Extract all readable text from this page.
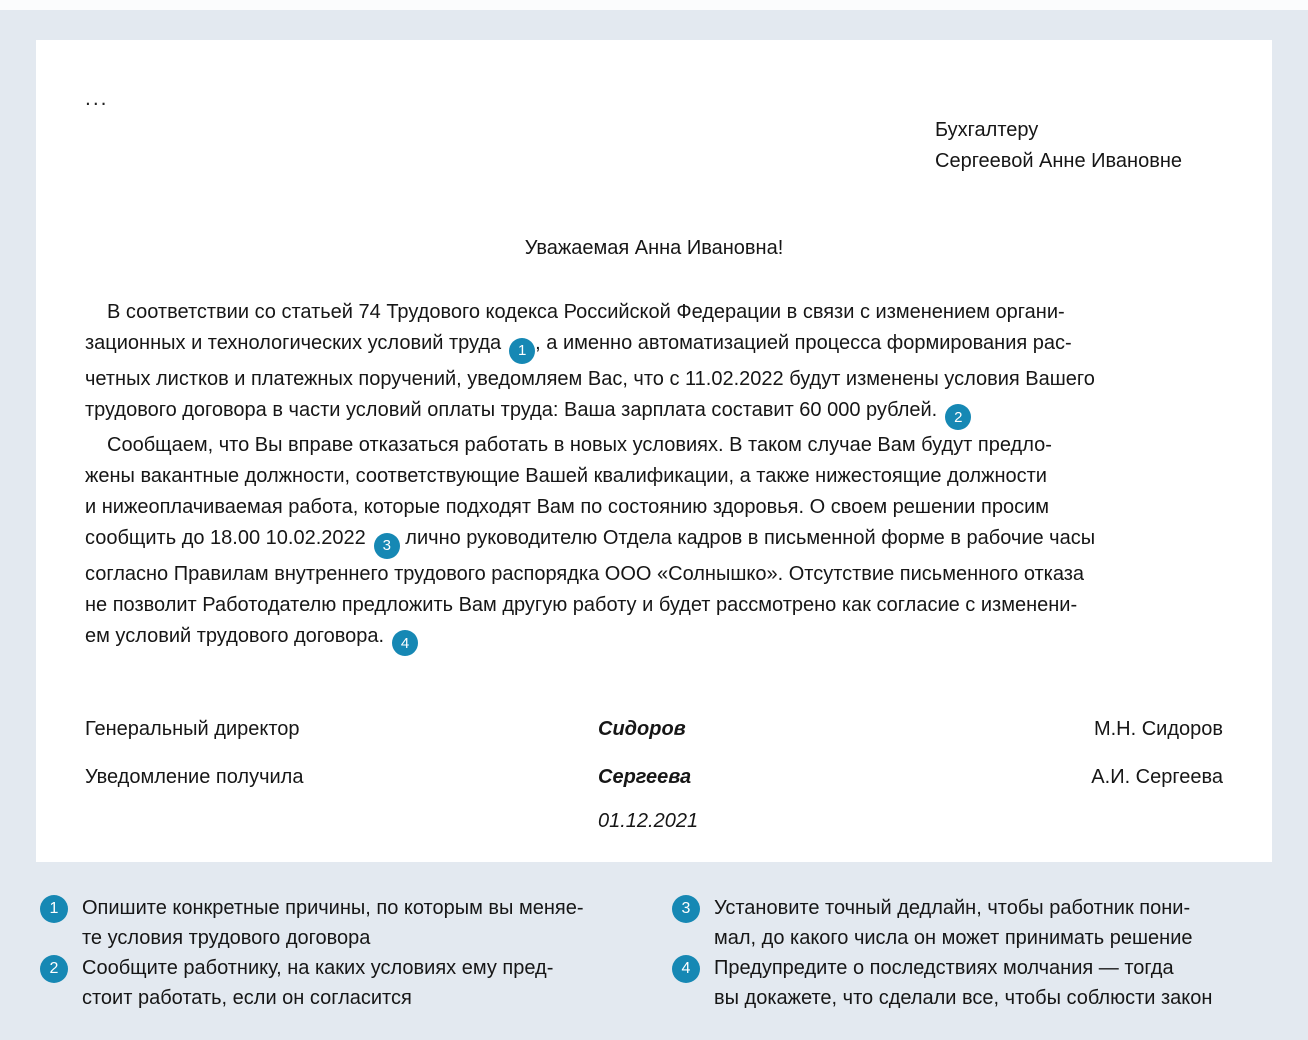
...
Бухгалтеру
Сергеевой Анне Ивановне
Уважаемая Анна Ивановна!
В соответствии со статьей 74 Трудового кодекса Российской Федерации в связи с изменением органи-
зационных и технологических условий труда 1 , а именно автоматизацией процесса формирования рас-
четных листков и платежных поручений, уведомляем Вас, что с 11.02.2022 будут изменены условия Вашего
трудового договора в части условий оплаты труда: Ваша зарплата составит 60 000 рублей. 2
Сообщаем, что Вы вправе отказаться работать в новых условиях. В таком случае Вам будут предло-
жены вакантные должности, соответствующие Вашей квалификации, а также нижестоящие должности
и нижеоплачиваемая работа, которые подходят Вам по состоянию здоровья. О своем решении просим
сообщить до 18.00 10.02.2022 3 лично руководителю Отдела кадров в письменной форме в рабочие часы
согласно Правилам внутреннего трудового распорядка ООО «Солнышко». Отсутствие письменного отказа
не позволит Работодателю предложить Вам другую работу и будет рассмотрено как согласие с изменени-
ем условий трудового договора. 4
Генеральный директор	Сидоров	М.Н. Сидоров
Уведомление получила	Сергеева	А.И. Сергеева
01.12.2021
1	Опишите конкретные причины, по которым вы меняе-
те условия трудового договора
2	Сообщите работнику, на каких условиях ему пред-
стоит работать, если он согласится
3	Установите точный дедлайн, чтобы работник пони-
мал, до какого числа он может принимать решение
4	Предупредите о последствиях молчания — тогда
вы докажете, что сделали все, чтобы соблюсти закон
